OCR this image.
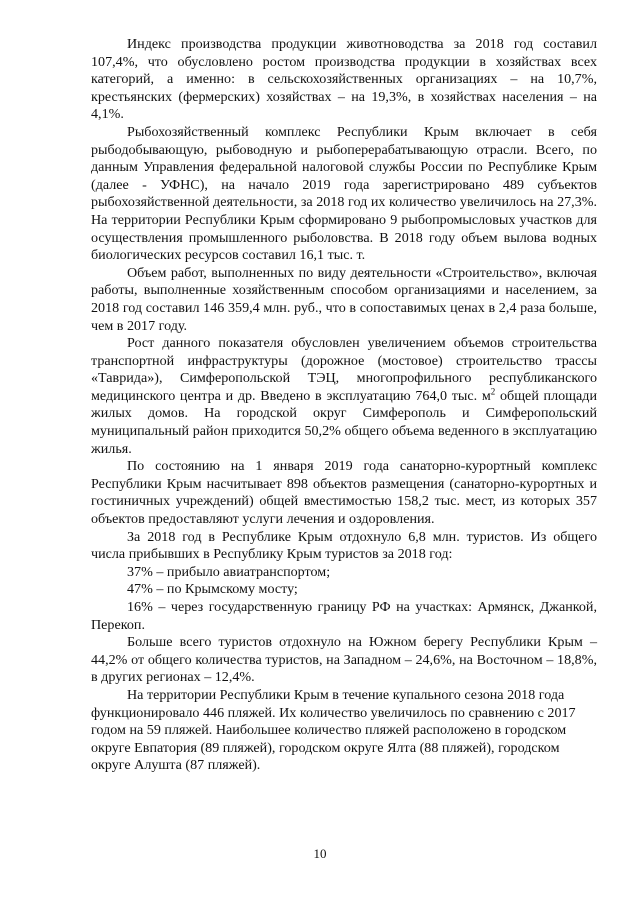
Индекс производства продукции животноводства за 2018 год составил 107,4%, что обусловлено ростом производства продукции в хозяйствах всех категорий, а именно: в сельскохозяйственных организациях – на 10,7%, крестьянских (фермерских) хозяйствах – на 19,3%, в хозяйствах населения – на 4,1%.

Рыбохозяйственный комплекс Республики Крым включает в себя рыбодобывающую, рыбоводную и рыбоперерабатывающую отрасли. Всего, по данным Управления федеральной налоговой службы России по Республике Крым (далее - УФНС), на начало 2019 года зарегистрировано 489 субъектов рыбохозяйственной деятельности, за 2018 год их количество увеличилось на 27,3%. На территории Республики Крым сформировано 9 рыбопромысловых участков для осуществления промышленного рыболовства. В 2018 году объем вылова водных биологических ресурсов составил 16,1 тыс. т.

Объем работ, выполненных по виду деятельности «Строительство», включая работы, выполненные хозяйственным способом организациями и населением, за 2018 год составил 146 359,4 млн. руб., что в сопоставимых ценах в 2,4 раза больше, чем в 2017 году.

Рост данного показателя обусловлен увеличением объемов строительства транспортной инфраструктуры (дорожное (мостовое) строительство трассы «Таврида»), Симферопольской ТЭЦ, многопрофильного республиканского медицинского центра и др. Введено в эксплуатацию 764,0 тыс. $м^2$ общей площади жилых домов. На городской округ Симферополь и Симферопольский муниципальный район приходится 50,2% общего объема веденного в эксплуатацию жилья.

По состоянию на 1 января 2019 года санаторно-курортный комплекс Республики Крым насчитывает 898 объектов размещения (санаторно-курортных и гостиничных учреждений) общей вместимостью 158,2 тыс. мест, из которых 357 объектов предоставляют услуги лечения и оздоровления.

За 2018 год в Республике Крым отдохнуло 6,8 млн. туристов. Из общего числа прибывших в Республику Крым туристов за 2018 год:

37% – прибыло авиатранспортом;

47% – по Крымскому мосту;

16% – через государственную границу РФ на участках: Армянск, Джанкой, Перекоп.

Больше всего туристов отдохнуло на Южном берегу Республики Крым – 44,2% от общего количества туристов, на Западном – 24,6%, на Восточном – 18,8%, в других регионах – 12,4%.

На территории Республики Крым в течение купального сезона 2018 года функционировало 446 пляжей. Их количество увеличилось по сравнению с 2017 годом на 59 пляжей. Наибольшее количество пляжей расположено в городском округе Евпатория (89 пляжей), городском округе Ялта (88 пляжей), городском округе Алушта (87 пляжей).

10
